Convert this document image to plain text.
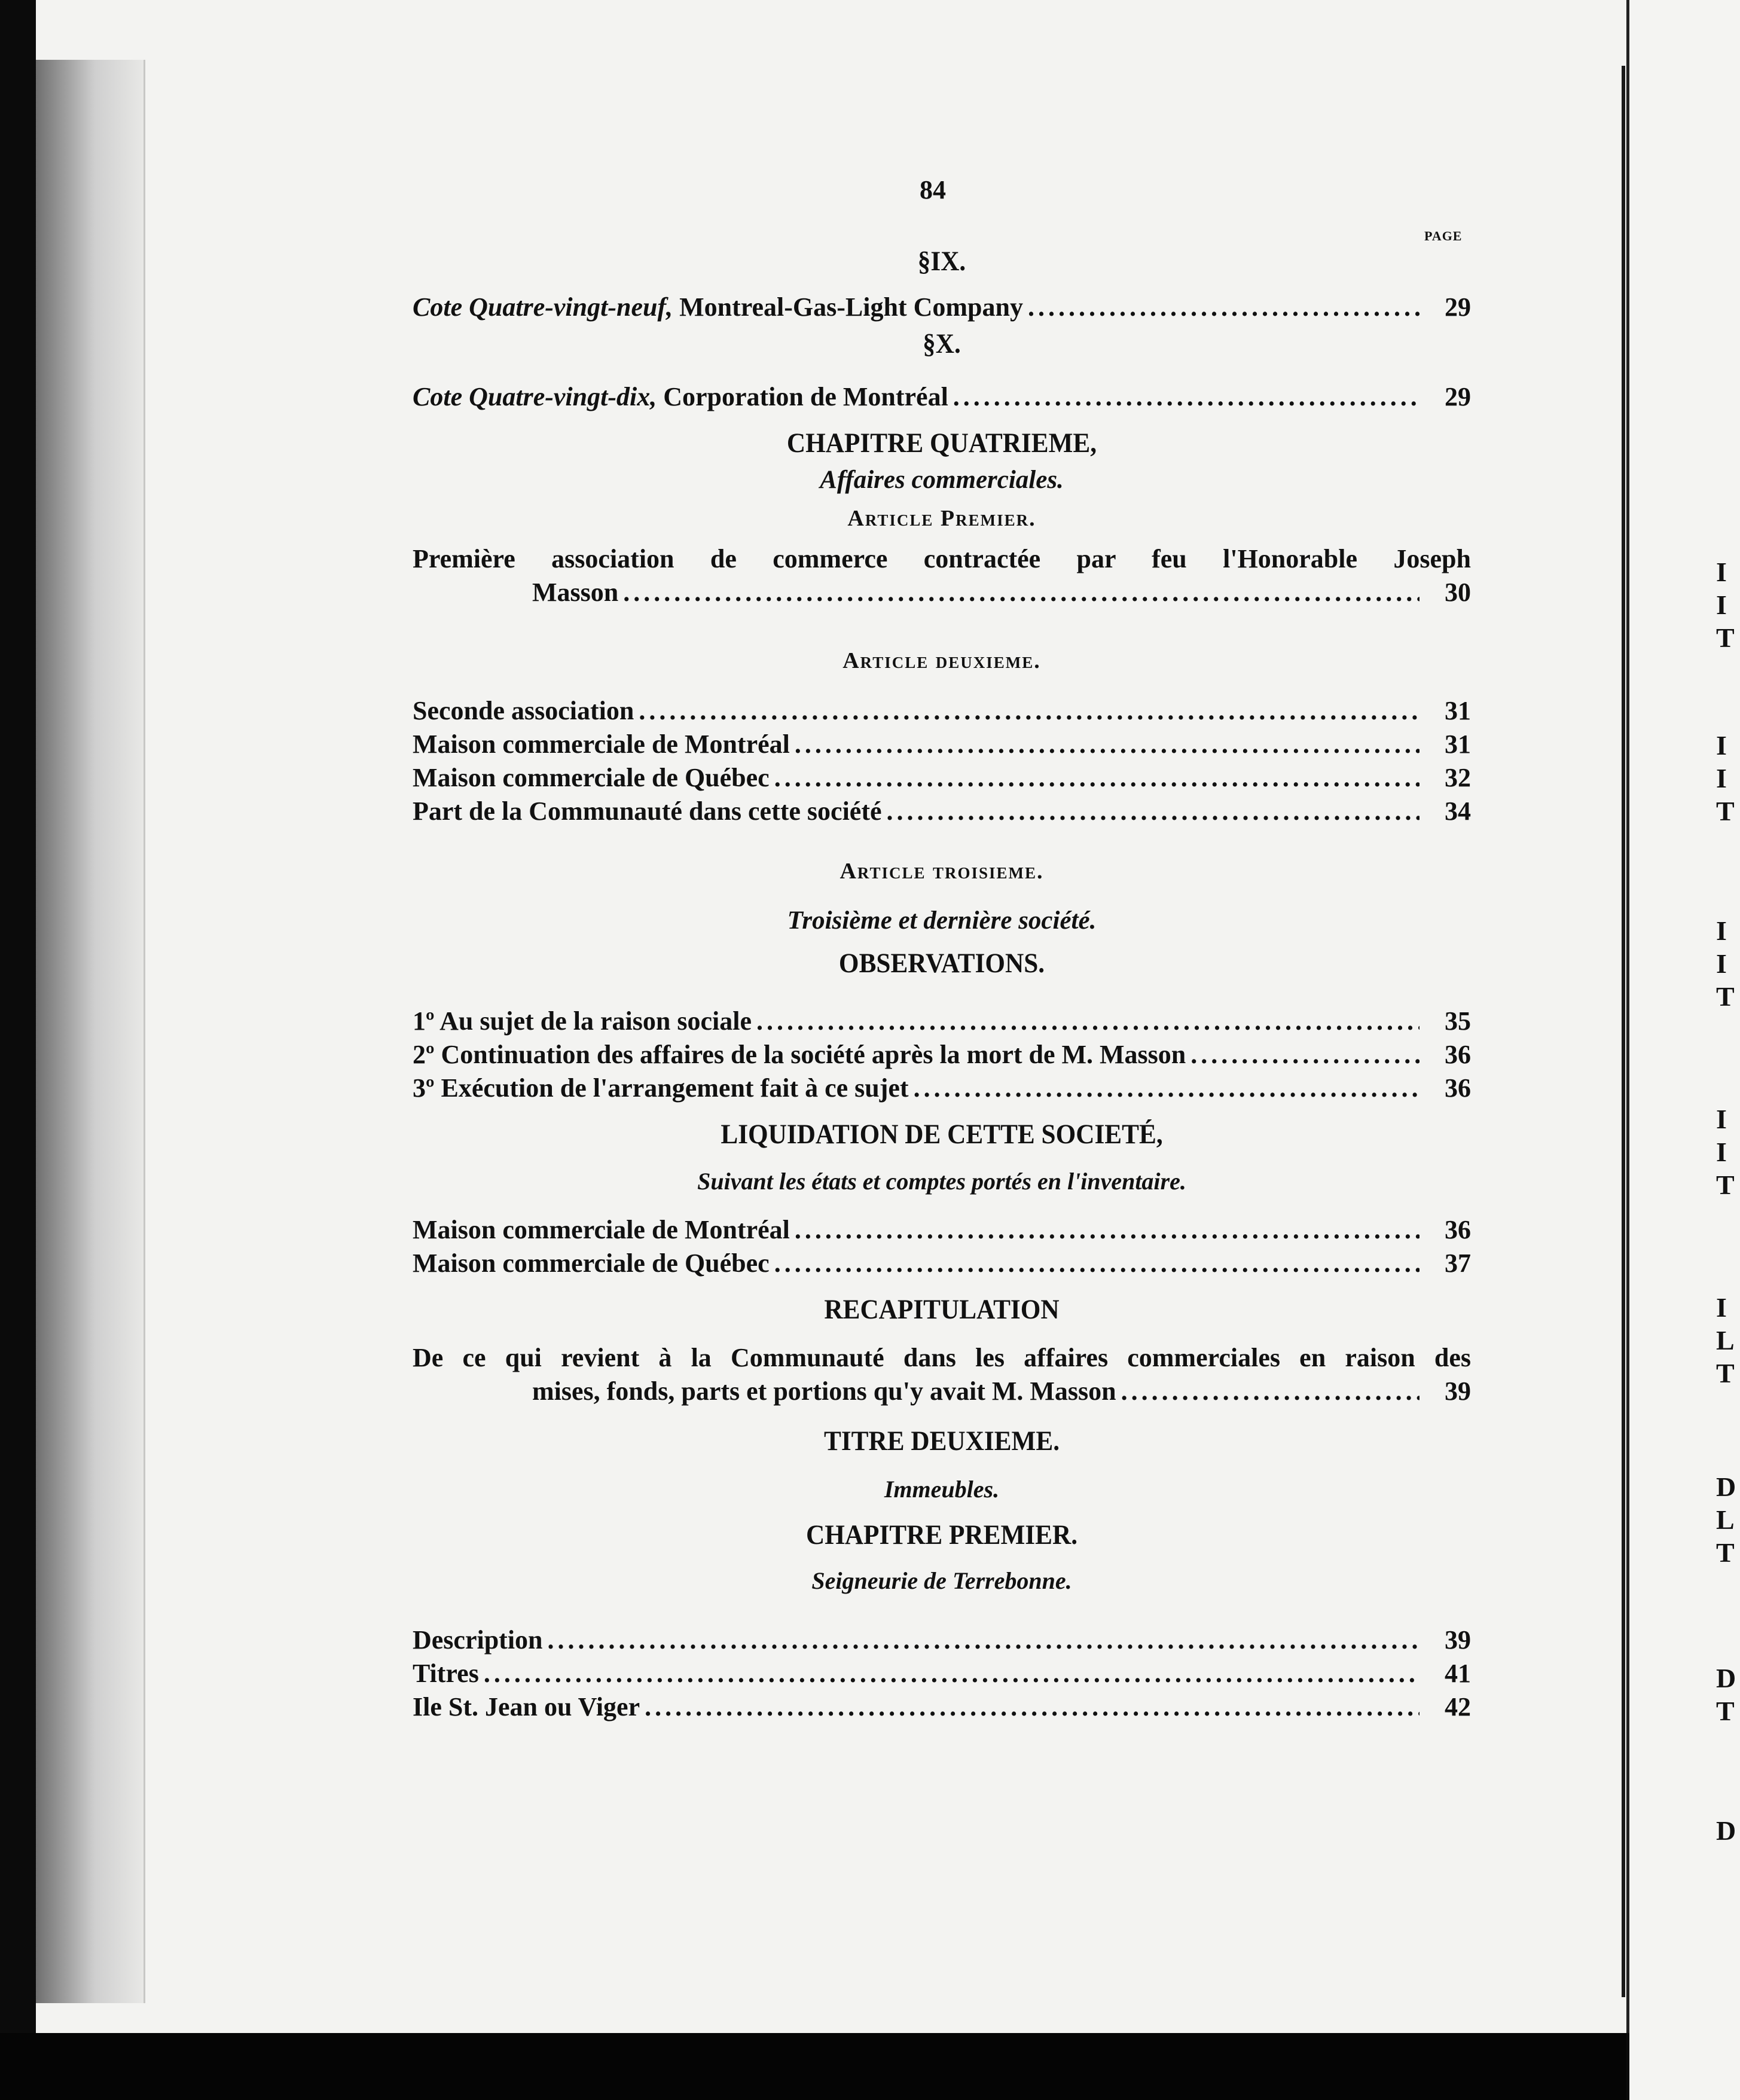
I
I
T
I
I
T
I
I
T
I
I
T
I
L
T
D
L
T
D
T
D
84
PAGE
§IX.
Cote Quatre-vingt-neuf, Montreal-Gas-Light Company .....	29
§X.
Cote Quatre-vingt-dix, Corporation de Montréal .....	29
CHAPITRE QUATRIEME,
Affaires commerciales.
Article Premier.
Première association de commerce contractée par feu l'Honorable Joseph
Masson .....	30
Article deuxieme.
Seconde association .....	31
Maison commerciale de Montréal .....	31
Maison commerciale de Québec .....	32
Part de la Communauté dans cette société .....	34
Article troisieme.
Troisième et dernière société.
OBSERVATIONS.
1º Au sujet de la raison sociale .....	35
2º Continuation des affaires de la société après la mort de M. Masson .....	36
3º Exécution de l'arrangement fait à ce sujet .....	36
LIQUIDATION DE CETTE SOCIETÉ,
Suivant les états et comptes portés en l'inventaire.
Maison commerciale de Montréal .....	36
Maison commerciale de Québec .....	37
RECAPITULATION
De ce qui revient à la Communauté dans les affaires commerciales en raison des
mises, fonds, parts et portions qu'y avait M. Masson .....	39
TITRE DEUXIEME.
Immeubles.
CHAPITRE PREMIER.
Seigneurie de Terrebonne.
Description .....	39
Titres .....	41
Ile St. Jean ou Viger .....	42
